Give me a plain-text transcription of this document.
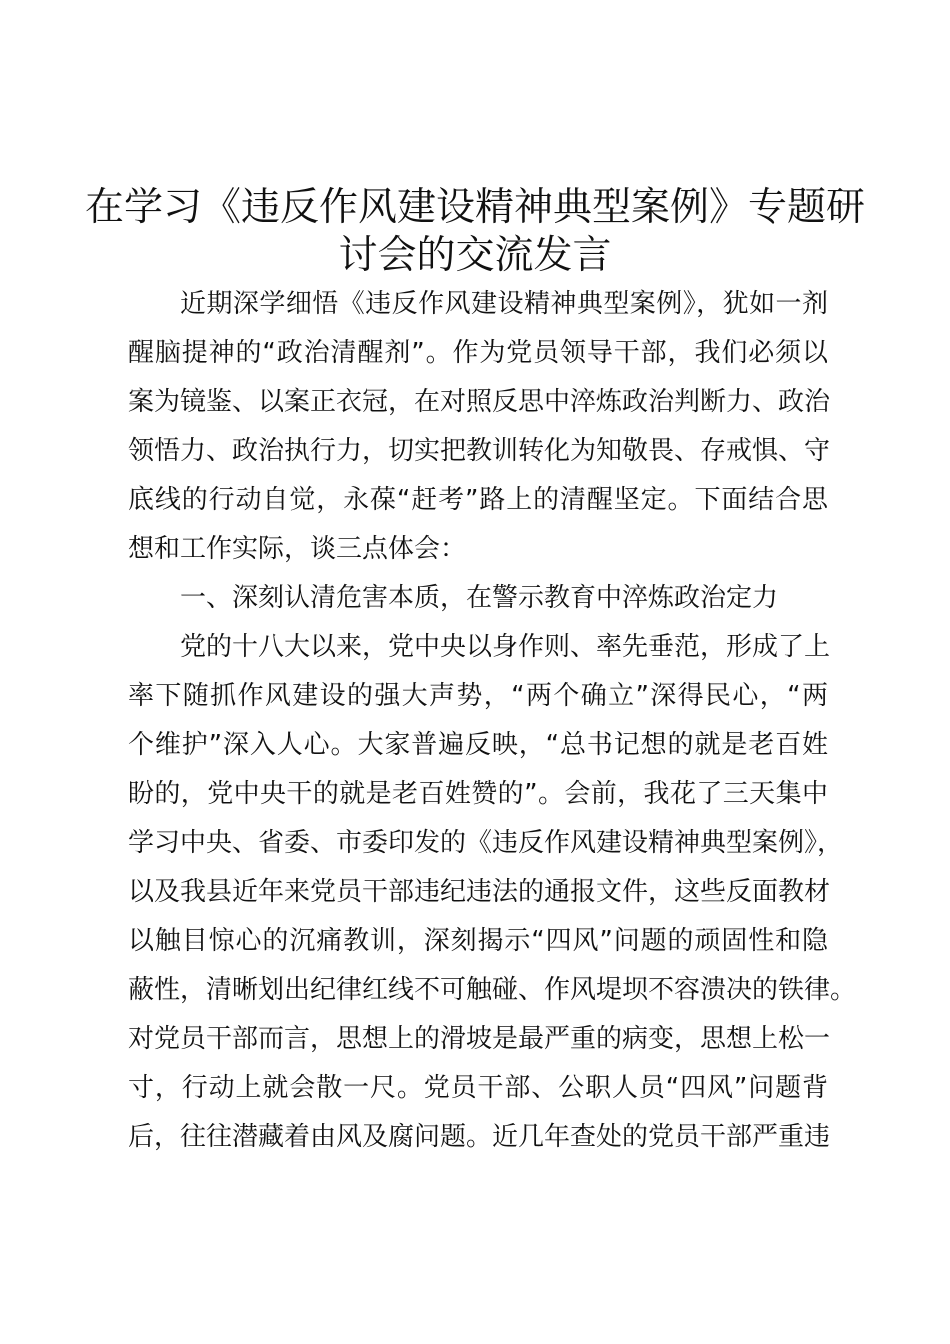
在学习《违反作风建设精神典型案例》专题研
讨会的交流发言
近期深学细悟《违反作风建设精神典型案例》，犹如一剂
醒脑提神的“政治清醒剂”。作为党员领导干部，我们必须以
案为镜鉴、以案正衣冠，在对照反思中淬炼政治判断力、政治
领悟力、政治执行力，切实把教训转化为知敬畏、存戒惧、守
底线的行动自觉，永葆“赶考”路上的清醒坚定。下面结合思
想和工作实际，谈三点体会：
一、深刻认清危害本质，在警示教育中淬炼政治定力
党的十八大以来，党中央以身作则、率先垂范，形成了上
率下随抓作风建设的强大声势，“两个确立”深得民心，“两
个维护”深入人心。大家普遍反映，“总书记想的就是老百姓
盼的，党中央干的就是老百姓赞的”。会前，我花了三天集中
学习中央、省委、市委印发的《违反作风建设精神典型案例》，
以及我县近年来党员干部违纪违法的通报文件，这些反面教材
以触目惊心的沉痛教训，深刻揭示“四风”问题的顽固性和隐
蔽性，清晰划出纪律红线不可触碰、作风堤坝不容溃决的铁律。
对党员干部而言，思想上的滑坡是最严重的病变，思想上松一
寸，行动上就会散一尺。党员干部、公职人员“四风”问题背
后，往往潜藏着由风及腐问题。近几年查处的党员干部严重违
